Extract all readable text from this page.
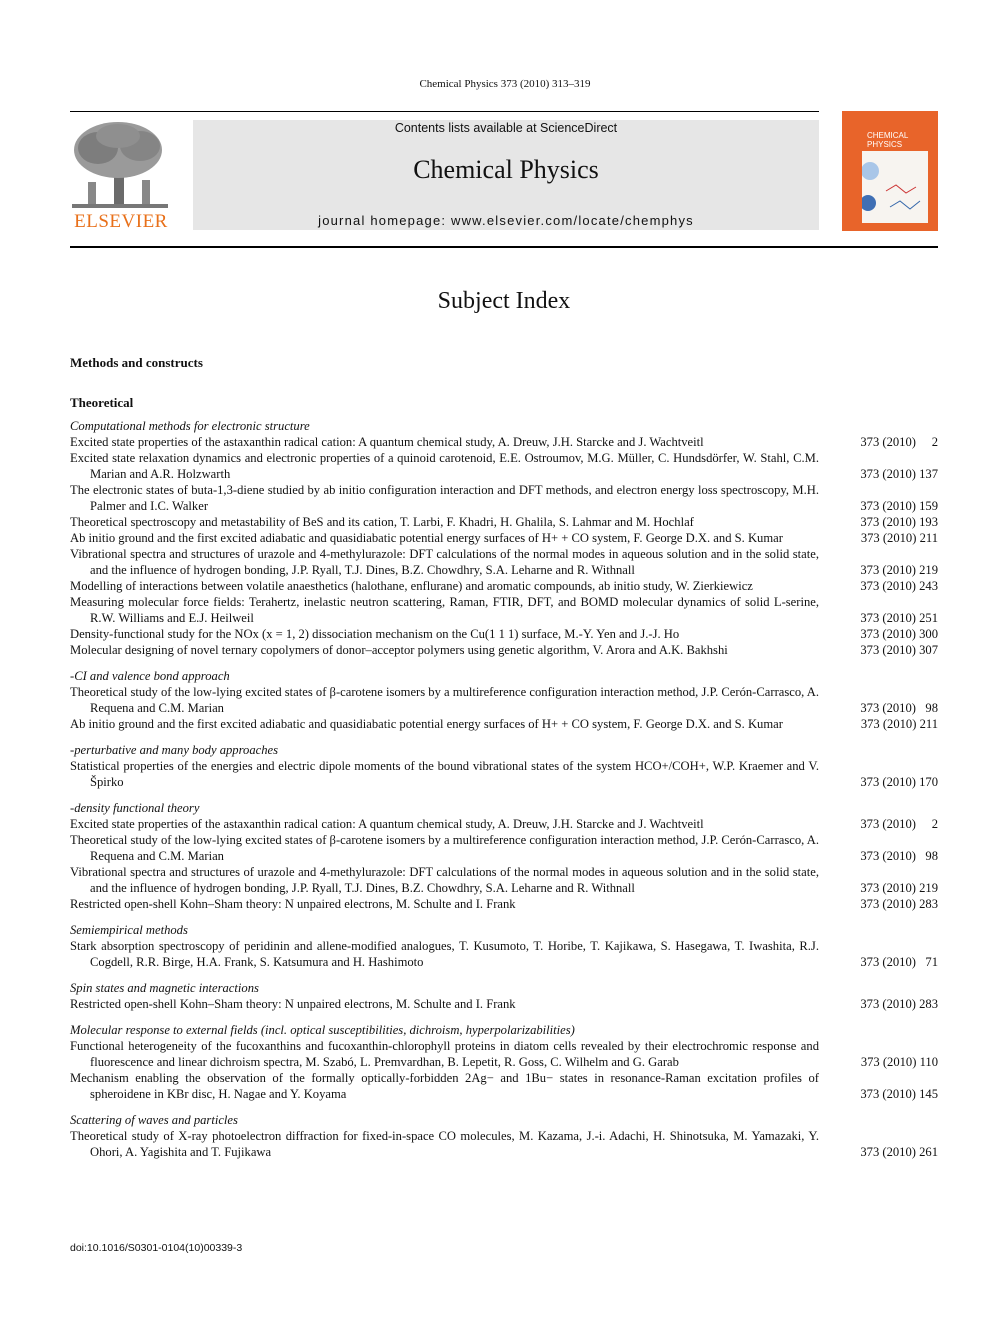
Chemical Physics 373 (2010) 313–319
ELSEVIER
Contents lists available at ScienceDirect
Chemical Physics
journal homepage: www.elsevier.com/locate/chemphys
CHEMICAL
PHYSICS
Subject Index
Methods and constructs
Theoretical
Computational methods for electronic structure
Excited state properties of the astaxanthin radical cation: A quantum chemical study, A. Dreuw, J.H. Starcke and J. Wachtveitl	373 (2010)     2
Excited state relaxation dynamics and electronic properties of a quinoid carotenoid, E.E. Ostroumov, M.G. Müller, C. Hundsdörfer, W. Stahl, C.M. Marian and A.R. Holzwarth	373 (2010) 137
The electronic states of buta-1,3-diene studied by ab initio configuration interaction and DFT methods, and electron energy loss spectroscopy, M.H. Palmer and I.C. Walker	373 (2010) 159
Theoretical spectroscopy and metastability of BeS and its cation, T. Larbi, F. Khadri, H. Ghalila, S. Lahmar and M. Hochlaf	373 (2010) 193
Ab initio ground and the first excited adiabatic and quasidiabatic potential energy surfaces of H+ + CO system, F. George D.X. and S. Kumar	373 (2010) 211
Vibrational spectra and structures of urazole and 4-methylurazole: DFT calculations of the normal modes in aqueous solution and in the solid state, and the influence of hydrogen bonding, J.P. Ryall, T.J. Dines, B.Z. Chowdhry, S.A. Leharne and R. Withnall	373 (2010) 219
Modelling of interactions between volatile anaesthetics (halothane, enflurane) and aromatic compounds, ab initio study, W. Zierkiewicz	373 (2010) 243
Measuring molecular force fields: Terahertz, inelastic neutron scattering, Raman, FTIR, DFT, and BOMD molecular dynamics of solid L-serine, R.W. Williams and E.J. Heilweil	373 (2010) 251
Density-functional study for the NOx (x = 1, 2) dissociation mechanism on the Cu(1 1 1) surface, M.-Y. Yen and J.-J. Ho	373 (2010) 300
Molecular designing of novel ternary copolymers of donor–acceptor polymers using genetic algorithm, V. Arora and A.K. Bakhshi	373 (2010) 307
-CI and valence bond approach
Theoretical study of the low-lying excited states of β-carotene isomers by a multireference configuration interaction method, J.P. Cerón-Carrasco, A. Requena and C.M. Marian	373 (2010)   98
Ab initio ground and the first excited adiabatic and quasidiabatic potential energy surfaces of H+ + CO system, F. George D.X. and S. Kumar	373 (2010) 211
-perturbative and many body approaches
Statistical properties of the energies and electric dipole moments of the bound vibrational states of the system HCO+/COH+, W.P. Kraemer and V. Špirko	373 (2010) 170
-density functional theory
Excited state properties of the astaxanthin radical cation: A quantum chemical study, A. Dreuw, J.H. Starcke and J. Wachtveitl	373 (2010)     2
Theoretical study of the low-lying excited states of β-carotene isomers by a multireference configuration interaction method, J.P. Cerón-Carrasco, A. Requena and C.M. Marian	373 (2010)   98
Vibrational spectra and structures of urazole and 4-methylurazole: DFT calculations of the normal modes in aqueous solution and in the solid state, and the influence of hydrogen bonding, J.P. Ryall, T.J. Dines, B.Z. Chowdhry, S.A. Leharne and R. Withnall	373 (2010) 219
Restricted open-shell Kohn–Sham theory: N unpaired electrons, M. Schulte and I. Frank	373 (2010) 283
Semiempirical methods
Stark absorption spectroscopy of peridinin and allene-modified analogues, T. Kusumoto, T. Horibe, T. Kajikawa, S. Hasegawa, T. Iwashita, R.J. Cogdell, R.R. Birge, H.A. Frank, S. Katsumura and H. Hashimoto	373 (2010)   71
Spin states and magnetic interactions
Restricted open-shell Kohn–Sham theory: N unpaired electrons, M. Schulte and I. Frank	373 (2010) 283
Molecular response to external fields (incl. optical susceptibilities, dichroism, hyperpolarizabilities)
Functional heterogeneity of the fucoxanthins and fucoxanthin-chlorophyll proteins in diatom cells revealed by their electrochromic response and fluorescence and linear dichroism spectra, M. Szabó, L. Premvardhan, B. Lepetit, R. Goss, C. Wilhelm and G. Garab	373 (2010) 110
Mechanism enabling the observation of the formally optically-forbidden 2Ag− and 1Bu− states in resonance-Raman excitation profiles of spheroidene in KBr disc, H. Nagae and Y. Koyama	373 (2010) 145
Scattering of waves and particles
Theoretical study of X-ray photoelectron diffraction for fixed-in-space CO molecules, M. Kazama, J.-i. Adachi, H. Shinotsuka, M. Yamazaki, Y. Ohori, A. Yagishita and T. Fujikawa	373 (2010) 261
doi:10.1016/S0301-0104(10)00339-3
